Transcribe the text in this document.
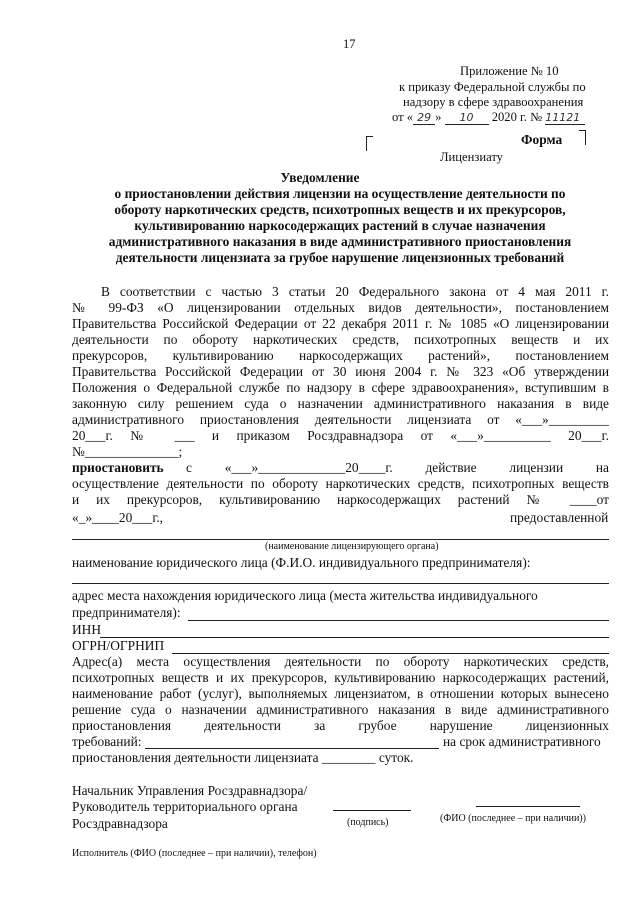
17
Приложение № 10
к приказу Федеральной службы по
надзору в сфере здравоохранения
от « 29 » 10 2020 г. № 11121
Форма
Лицензиату
Уведомление
о приостановлении действия лицензии на осуществление деятельности по
обороту наркотических средств, психотропных веществ и их прекурсоров,
культивированию наркосодержащих растений в случае назначения
административного наказания в виде административного приостановления
деятельности лицензиата за грубое нарушение лицензионных требований
В соответствии с частью 3 статьи 20 Федерального закона от 4 мая 2011 г.
№ 99-ФЗ «О лицензировании отдельных видов деятельности», постановлением
Правительства Российской Федерации от 22 декабря 2011 г. № 1085 «О лицензировании
деятельности по обороту наркотических средств, психотропных веществ и их
прекурсоров, культивированию наркосодержащих растений», постановлением
Правительства Российской Федерации от 30 июня 2004 г. № 323 «Об утверждении
Положения о Федеральной службе по надзору в сфере здравоохранения», вступившим в
законную силу решением суда о назначении административного наказания в виде
административного приостановления деятельности лицензиата от «___»_________
20___г. № ___ и приказом Росздравнадзора от «___»__________ 20___г.
№______________;
приостановить с «___»_____________20____г. действие лицензии на
осуществление деятельности по обороту наркотических средств, психотропных веществ
и их прекурсоров, культивированию наркосодержащих растений № ____от
«_»____20___г.,	предоставленной
(наименование лицензирующего органа)
наименование юридического лица (Ф.И.О. индивидуального предпринимателя):
адрес места нахождения юридического лица (места жительства индивидуального
предпринимателя):
ИНН
ОГРН/ОГРНИП
Адрес(а) места осуществления деятельности по обороту наркотических средств,
психотропных веществ и их прекурсоров, культивированию наркосодержащих растений,
наименование работ (услуг), выполняемых лицензиатом, в отношении которых вынесено
решение суда о назначении административного наказания в виде административного
приостановления деятельности за грубое нарушение лицензионных
требований:	на срок административного
приостановления деятельности лицензиата ________ суток.
Начальник Управления Росздравнадзора/
Руководитель территориального органа
Росздравнадзора	(подпись)	(ФИО (последнее – при наличии))
Исполнитель (ФИО (последнее – при наличии), телефон)
